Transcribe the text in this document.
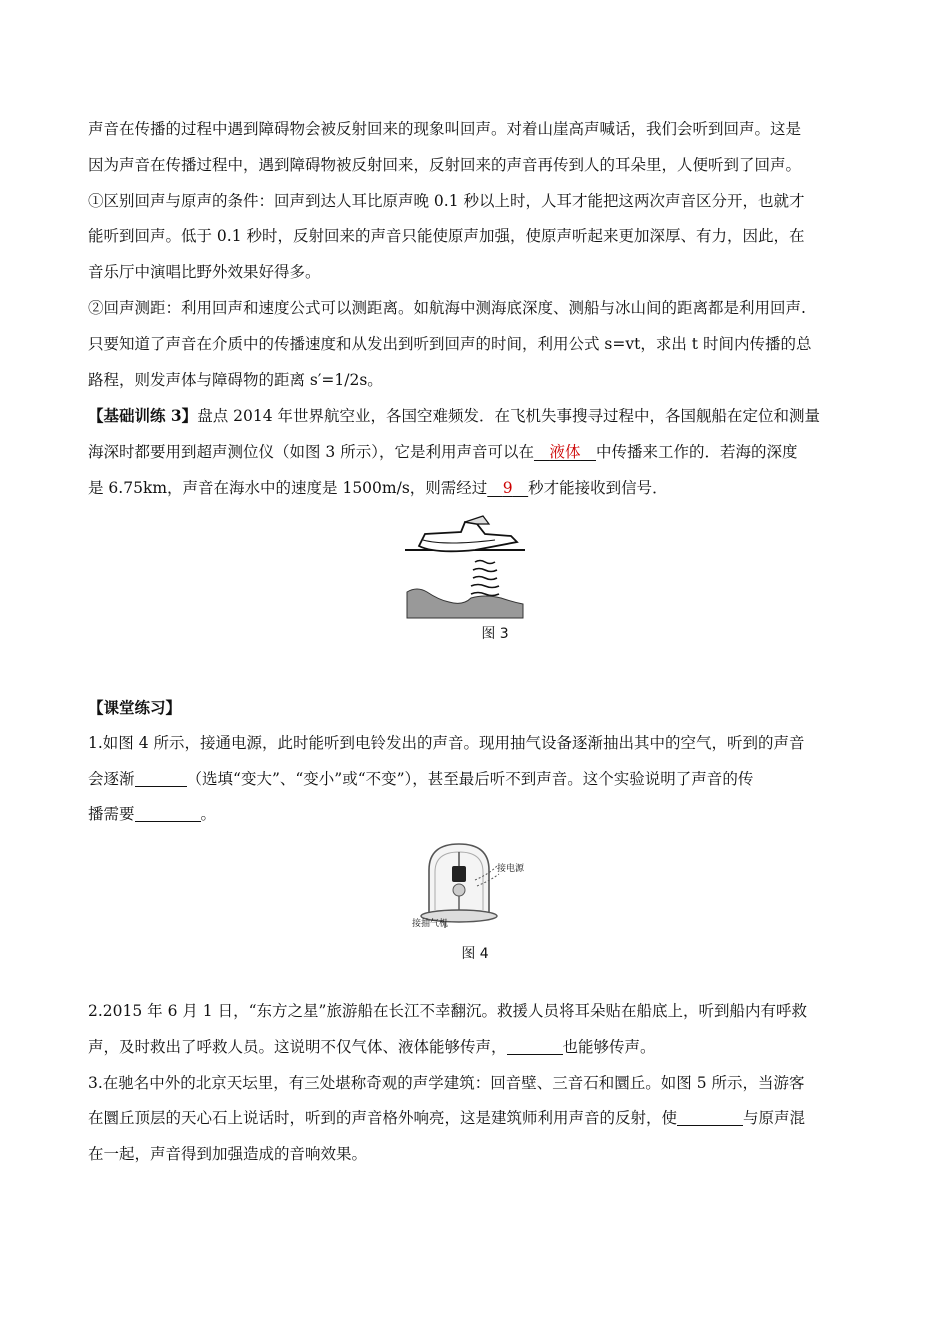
声音在传播的过程中遇到障碍物会被反射回来的现象叫回声。对着山崖高声喊话，我们会听到回声。这是

因为声音在传播过程中，遇到障碍物被反射回来，反射回来的声音再传到人的耳朵里，人便听到了回声。

①区别回声与原声的条件：回声到达人耳比原声晚 0.1 秒以上时，人耳才能把这两次声音区分开，也就才

能听到回声。低于 0.1 秒时，反射回来的声音只能使原声加强，使原声听起来更加深厚、有力，因此，在

音乐厅中演唱比野外效果好得多。

②回声测距：利用回声和速度公式可以测距离。如航海中测海底深度、测船与冰山间的距离都是利用回声.

只要知道了声音在介质中的传播速度和从发出到听到回声的时间，利用公式 s=vt，求出 t 时间内传播的总

路程，则发声体与障碍物的距离 s′=1/2s。

【基础训练 3】盘点 2014 年世界航空业，各国空难频发．在飞机失事搜寻过程中，各国舰船在定位和测量

海深时都要用到超声测位仪（如图 3 所示），它是利用声音可以在   液体   中传播来工作的．若海的深度

是 6.75km，声音在海水中的速度是 1500m/s，则需经过   9   秒才能接收到信号．

图 3

【课堂练习】

1.如图 4 所示，接通电源，此时能听到电铃发出的声音。现用抽气设备逐渐抽出其中的空气，听到的声音

会逐渐	（选填“变大”、“变小”或“不变”），甚至最后听不到声音。这个实验说明了声音的传

播需要	。

接电源
接抽气机
图 4

2.2015 年 6 月 1 日，“东方之星”旅游船在长江不幸翻沉。救援人员将耳朵贴在船底上，听到船内有呼救

声，及时救出了呼救人员。这说明不仅气体、液体能够传声，	也能够传声。

3.在驰名中外的北京天坛里，有三处堪称奇观的声学建筑：回音壁、三音石和圜丘。如图 5 所示，当游客

在圜丘顶层的天心石上说话时，听到的声音格外响亮，这是建筑师利用声音的反射，使	与原声混

在一起，声音得到加强造成的音响效果。
